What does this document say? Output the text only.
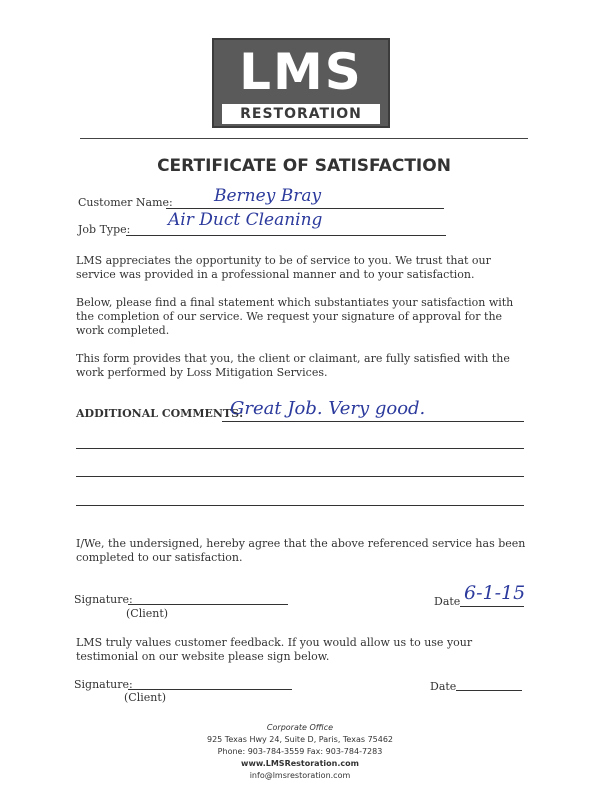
LMS
RESTORATION
CERTIFICATE OF SATISFACTION
Customer Name: Berney Bray
Job Type: Air Duct Cleaning
LMS appreciates the opportunity to be of service to you. We trust that our service was provided in a professional manner and to your satisfaction.
Below, please find a final statement which substantiates your satisfaction with the completion of our service. We request your signature of approval for the work completed.
This form provides that you, the client or claimant, are fully satisfied with the work performed by Loss Mitigation Services.
ADDITIONAL COMMENTS:
Great Job. Very good.
I/We, the undersigned, hereby agree that the above referenced service has been completed to our satisfaction.
Signature:
(Client)
Date 6-1-15
LMS truly values customer feedback. If you would allow us to use your testimonial on our website please sign below.
Signature:
(Client)
Date
Corporate Office
925 Texas Hwy 24, Suite D, Paris, Texas 75462
Phone: 903-784-3559 Fax: 903-784-7283
www.LMSRestoration.com
info@lmsrestoration.com
